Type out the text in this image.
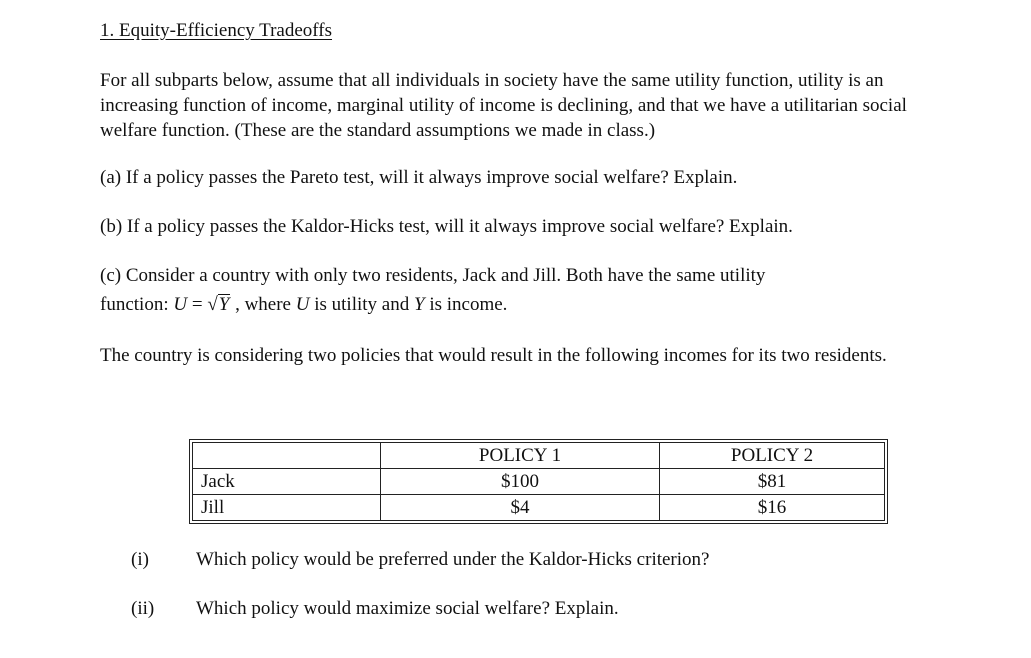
1. Equity-Efficiency Tradeoffs

For all subparts below, assume that all individuals in society have the same utility function, utility is an increasing function of income, marginal utility of income is declining, and that we have a utilitarian social welfare function. (These are the standard assumptions we made in class.)

(a) If a policy passes the Pareto test, will it always improve social welfare? Explain.
(b) If a policy passes the Kaldor-Hicks test, will it always improve social welfare? Explain.
(c) Consider a country with only two residents, Jack and Jill. Both have the same utility
function: U = √Y , where U is utility and Y is income.

The country is considering two policies that would result in the following incomes for its two residents.

	POLICY 1	POLICY 2
Jack	$100	$81
Jill	$4	$16
(i) Which policy would be preferred under the Kaldor-Hicks criterion?
(ii) Which policy would maximize social welfare? Explain.
